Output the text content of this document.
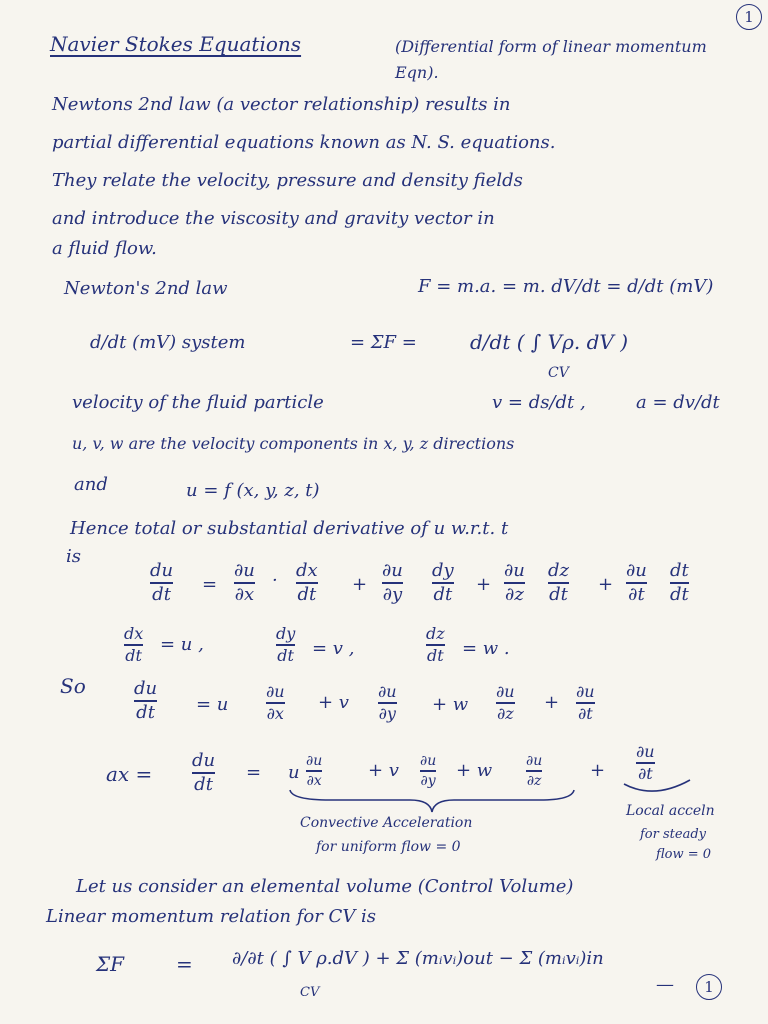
1
Navier Stokes Equations	(Differential form of linear momentum Eqn).
Newtons 2nd law (a vector relationship) results in
partial differential equations known as N. S. equations.
They relate the velocity, pressure and density fields
and introduce the viscosity and gravity vector in
a fluid flow.
Newton's 2nd law	F = m.a. = m. dV/dt = d/dt (mV)
d/dt (mV) system	= ΣF =	d/dt ( ∫ Vρ. dV )
CV
velocity of the fluid particle	v = ds/dt ,	a = dv/dt
u, v, w are the velocity components in x, y, z directions
and	u = f (x, y, z, t)
Hence total or substantial derivative of u w.r.t. t
is
du
dt =
∂u
∂x
· dx
dt +
∂u
∂y
dy
dt +
∂u
∂z
dz
dt +
∂u
∂t
dt
dt
dx
dt = u ,
dy
dt = v ,
dz
dt = w .
So	du
dt = u
∂u
∂x + v
∂u
∂y + w
∂u
∂z +
∂u
∂t
ax =
du
dt
= u
∂u
∂x	+ v ∂u
∂y + w ∂u
∂z	+
∂u
∂t
Convective Acceleration
for uniform flow = 0
Local acceln
for steady
flow = 0
Let us consider an elemental volume (Control Volume)
Linear momentum relation for CV is
ΣF	= ∂/∂t ( ∫ V ρ.dV ) + Σ (mᵢvᵢ)out − Σ (mᵢvᵢ)in
CV	—	1
